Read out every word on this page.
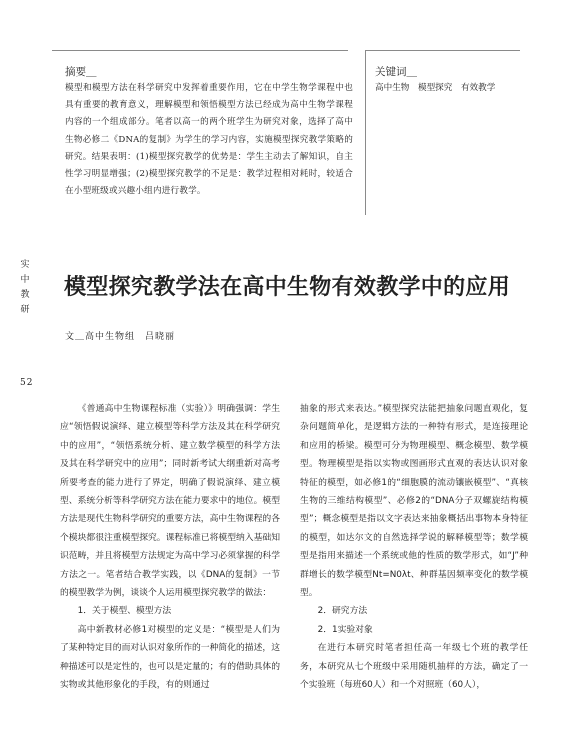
摘要＿
模型和模型方法在科学研究中发挥着重要作用，它在中学生物学课程中也具有重要的教育意义，理解模型和领悟模型方法已经成为高中生物学课程内容的一个组成部分。笔者以高一的两个班学生为研究对象，选择了高中生物必修二《DNA的复制》为学生的学习内容，实施模型探究教学策略的研究。结果表明：(1)模型探究教学的优势是：学生主动去了解知识，自主性学习明显增强；(2)模型探究教学的不足是：教学过程相对耗时，较适合在小型班级或兴趣小组内进行教学。
关键词＿
高中生物　模型探究　有效教学
实
中
教
研
模型探究教学法在高中生物有效教学中的应用
文＿高中生物组　吕晓丽
52

《普通高中生物课程标准（实验）》明确强调：学生应“领悟假说演绎、建立模型等科学方法及其在科学研究中的应用”，“领悟系统分析、建立数学模型的科学方法及其在科学研究中的应用”；同时新考试大纲重新对高考所要考查的能力进行了界定，明确了假说演绎、建立模型、系统分析等科学研究方法在能力要求中的地位。模型方法是现代生物科学研究的重要方法，高中生物课程的各个模块都很注重模型探究。课程标准已将模型纳入基础知识范畴，并且将模型方法规定为高中学习必须掌握的科学方法之一。笔者结合教学实践，以《DNA的复制》一节的模型教学为例，谈谈个人运用模型探究教学的做法：

1．关于模型、模型方法

高中新教材必修1对模型的定义是：“模型是人们为了某种特定目的而对认识对象所作的一种简化的描述，这种描述可以是定性的，也可以是定量的；有的借助具体的实物或其他形象化的手段，有的则通过

抽象的形式来表达。”模型探究法能把抽象问题直观化，复杂问题简单化，是逻辑方法的一种特有形式，是连接理论和应用的桥梁。模型可分为物理模型、概念模型、数学模型。物理模型是指以实物或图画形式直观的表达认识对象特征的模型，如必修1的“细胞膜的流动镶嵌模型”、“真核生物的三维结构模型”、必修2的“DNA分子双螺旋结构模型”；概念模型是指以文字表达来抽象概括出事物本身特征的模型，如达尔文的自然选择学说的解释模型等；数学模型是指用来描述一个系统或他的性质的数学形式，如“J”种群增长的数学模型Nt=N0λt、种群基因频率变化的数学模型。

2．研究方法

2．1实验对象

在进行本研究时笔者担任高一年级七个班的教学任务，本研究从七个班级中采用随机抽样的方法，确定了一个实验班（每班60人）和一个对照班（60人），
